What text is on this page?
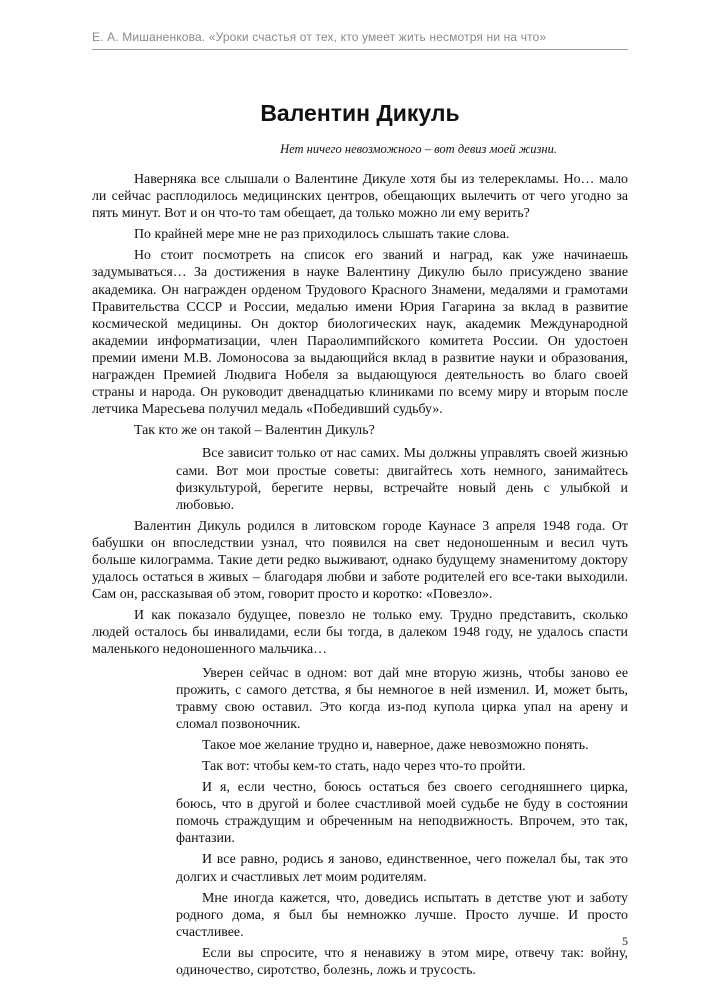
Е. А. Мишаненкова. «Уроки счастья от тех, кто умеет жить несмотря ни на что»
Валентин Дикуль
Нет ничего невозможного – вот девиз моей жизни.

Наверняка все слышали о Валентине Дикуле хотя бы из телерекламы. Но… мало ли сейчас расплодилось медицинских центров, обещающих вылечить от чего угодно за пять минут. Вот и он что-то там обещает, да только можно ли ему верить?

По крайней мере мне не раз приходилось слышать такие слова.

Но стоит посмотреть на список его званий и наград, как уже начинаешь задумываться… За достижения в науке Валентину Дикулю было присуждено звание академика. Он награжден орденом Трудового Красного Знамени, медалями и грамотами Правительства СССР и России, медалью имени Юрия Гагарина за вклад в развитие космической медицины. Он доктор биологических наук, академик Международной академии информатизации, член Параолимпийского комитета России. Он удостоен премии имени М.В. Ломоносова за выдающийся вклад в развитие науки и образования, награжден Премией Людвига Нобеля за выдающуюся деятельность во благо своей страны и народа. Он руководит двенадцатью клиниками по всему миру и вторым после летчика Маресьева получил медаль «Победивший судьбу».

Так кто же он такой – Валентин Дикуль?

Все зависит только от нас самих. Мы должны управлять своей жизнью сами. Вот мои простые советы: двигайтесь хоть немного, занимайтесь физкультурой, берегите нервы, встречайте новый день с улыбкой и любовью.

Валентин Дикуль родился в литовском городе Каунасе 3 апреля 1948 года. От бабушки он впоследствии узнал, что появился на свет недоношенным и весил чуть больше килограмма. Такие дети редко выживают, однако будущему знаменитому доктору удалось остаться в живых – благодаря любви и заботе родителей его все-таки выходили. Сам он, рассказывая об этом, говорит просто и коротко: «Повезло».

И как показало будущее, повезло не только ему. Трудно представить, сколько людей осталось бы инвалидами, если бы тогда, в далеком 1948 году, не удалось спасти маленького недоношенного мальчика…

Уверен сейчас в одном: вот дай мне вторую жизнь, чтобы заново ее прожить, с самого детства, я бы немногое в ней изменил. И, может быть, травму свою оставил. Это когда из-под купола цирка упал на арену и сломал позвоночник.

Такое мое желание трудно и, наверное, даже невозможно понять.

Так вот: чтобы кем-то стать, надо через что-то пройти.

И я, если честно, боюсь остаться без своего сегодняшнего цирка, боюсь, что в другой и более счастливой моей судьбе не буду в состоянии помочь страждущим и обреченным на неподвижность. Впрочем, это так, фантазии.

И все равно, родись я заново, единственное, чего пожелал бы, так это долгих и счастливых лет моим родителям.

Мне иногда кажется, что, доведись испытать в детстве уют и заботу родного дома, я был бы немножко лучше. Просто лучше. И просто счастливее.

Если вы спросите, что я ненавижу в этом мире, отвечу так: войну, одиночество, сиротство, болезнь, ложь и трусость.

5
